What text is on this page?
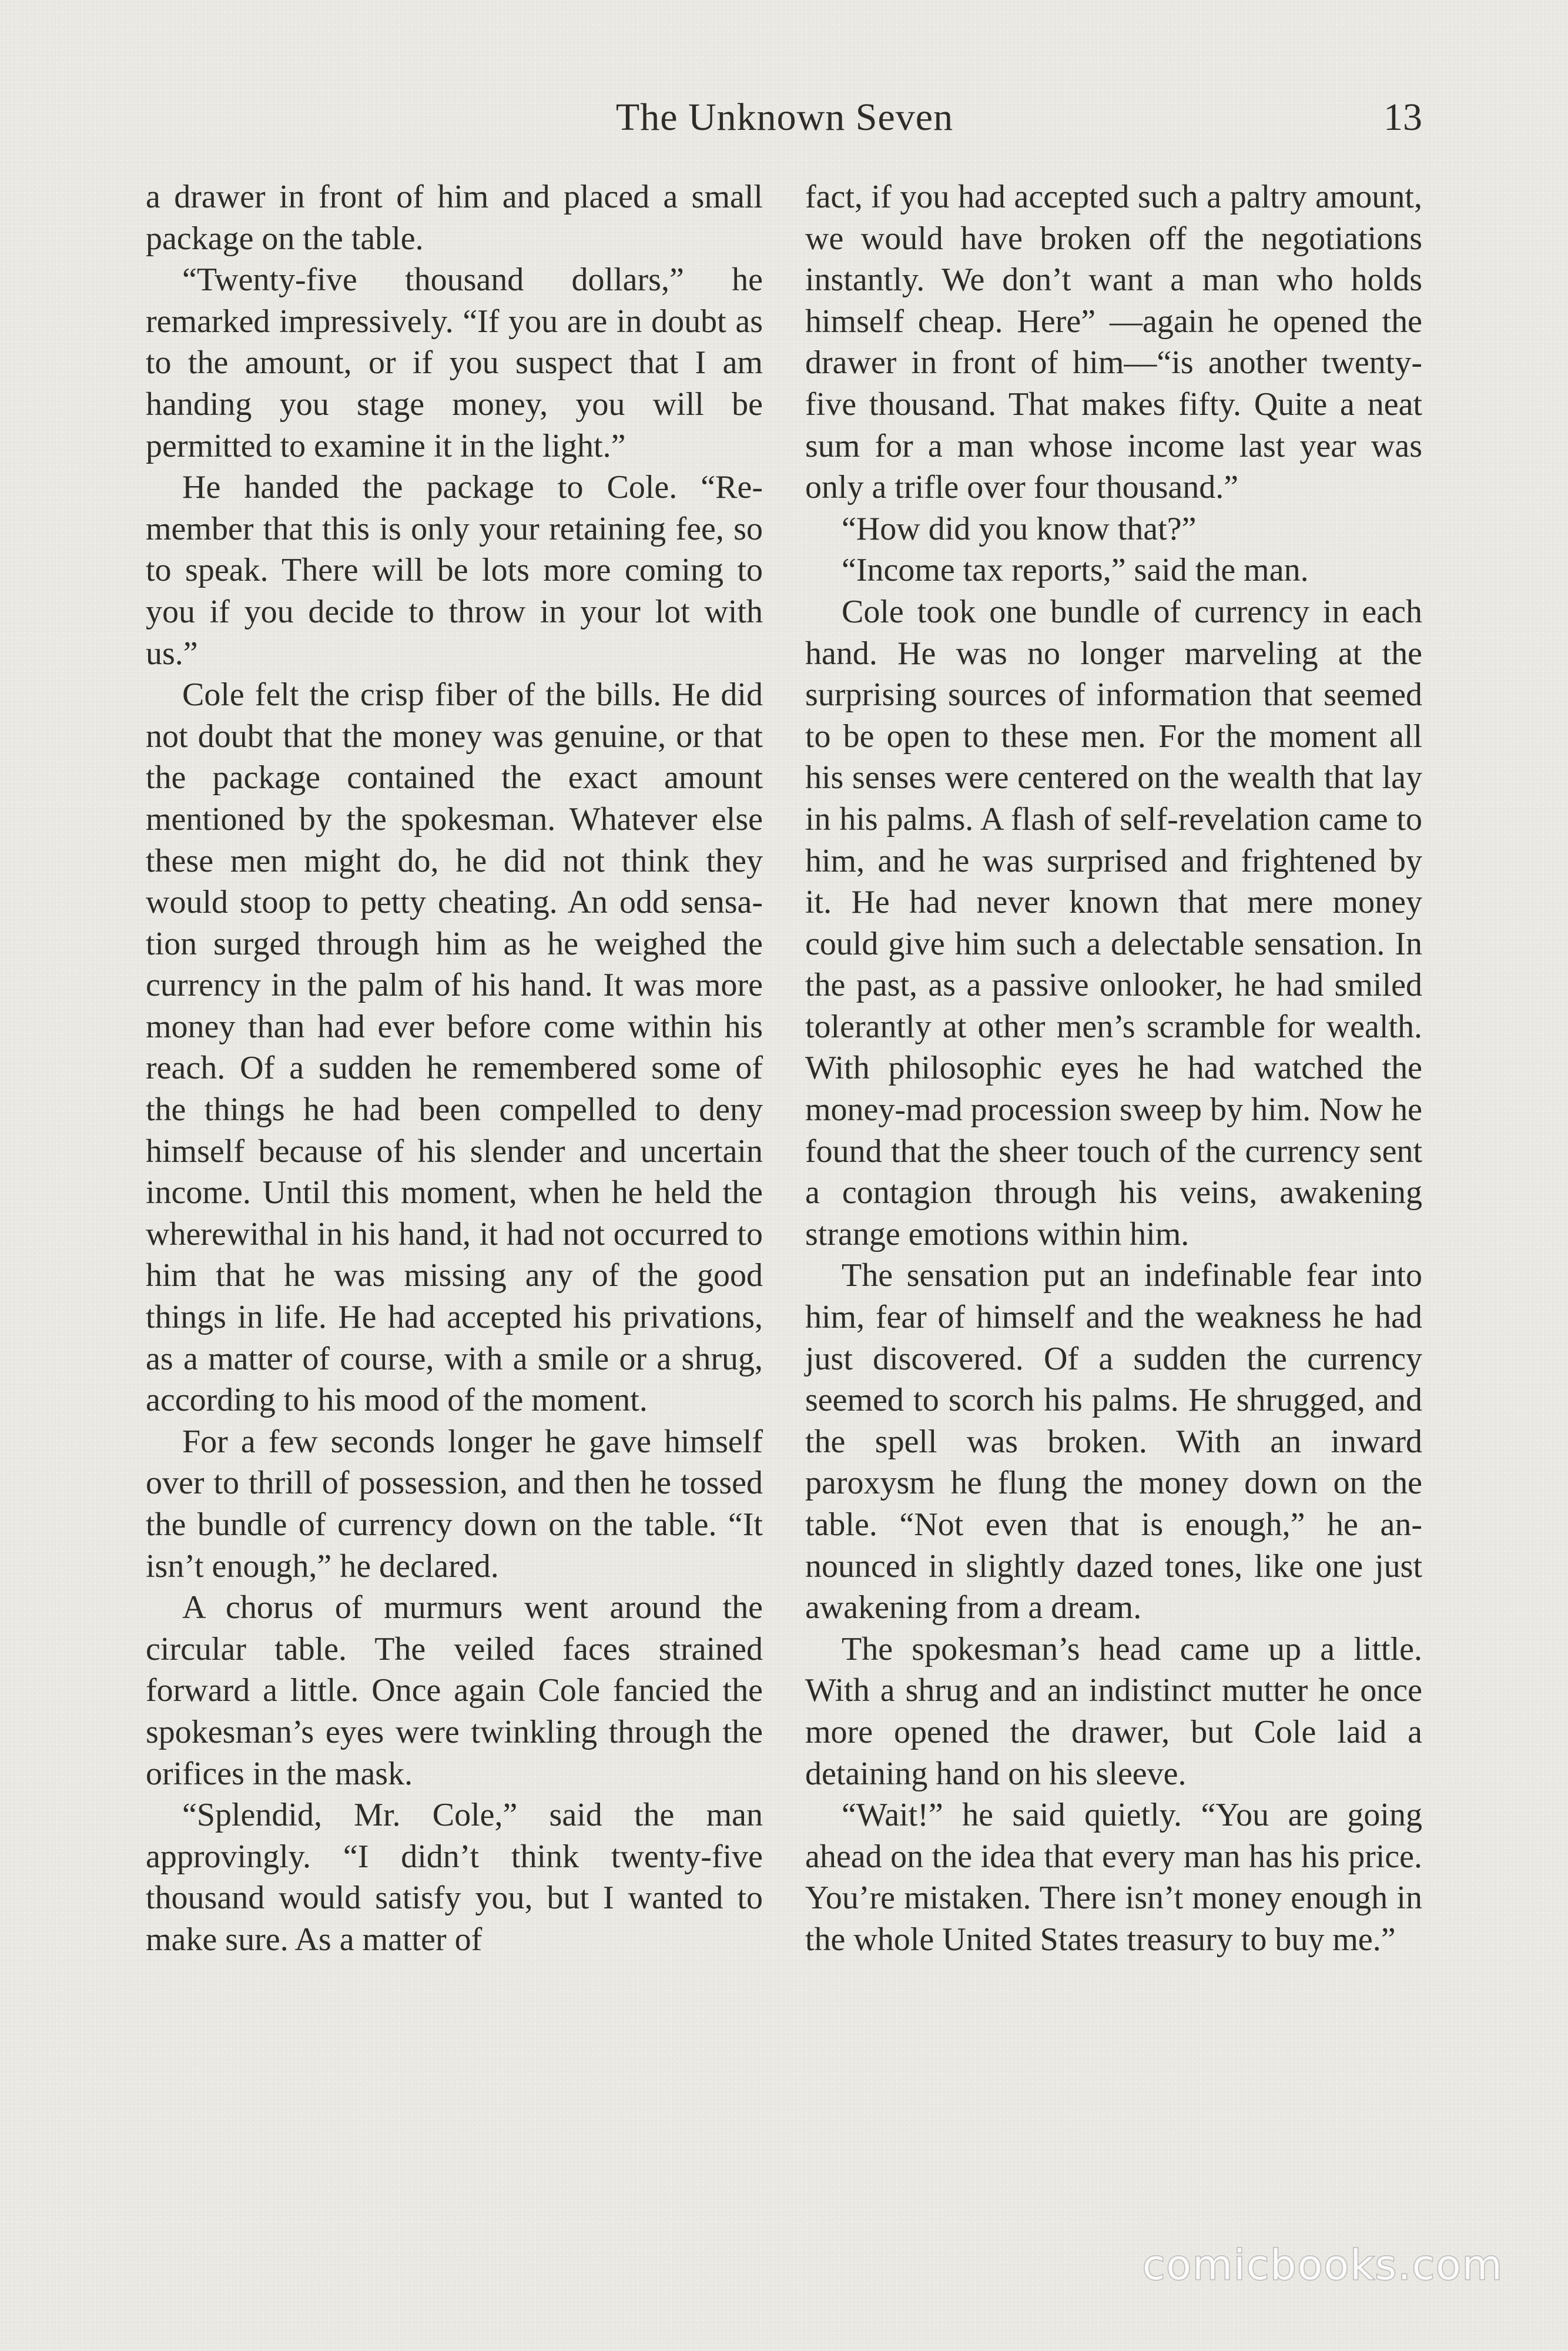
The Unknown Seven	13

a drawer in front of him and placed a small package on the table.

“Twenty-five thousand dollars,” he remarked impressively. “If you are in doubt as to the amount, or if you suspect that I am handing you stage money, you will be permitted to examine it in the light.”

He handed the package to Cole. “Remember that this is only your retaining fee, so to speak. There will be lots more coming to you if you decide to throw in your lot with us.”

Cole felt the crisp fiber of the bills. He did not doubt that the money was genuine, or that the package contained the exact amount mentioned by the spokesman. Whatever else these men might do, he did not think they would stoop to petty cheating. An odd sensation surged through him as he weighed the currency in the palm of his hand. It was more money than had ever before come within his reach. Of a sudden he remembered some of the things he had been compelled to deny himself because of his slender and uncertain income. Until this moment, when he held the wherewithal in his hand, it had not occurred to him that he was missing any of the good things in life. He had accepted his privations, as a matter of course, with a smile or a shrug, according to his mood of the moment.

For a few seconds longer he gave himself over to thrill of possession, and then he tossed the bundle of currency down on the table. “It isn’t enough,” he declared.

A chorus of murmurs went around the circular table. The veiled faces strained forward a little. Once again Cole fancied the spokesman’s eyes were twinkling through the orifices in the mask.

“Splendid, Mr. Cole,” said the man approvingly. “I didn’t think twenty-five thousand would satisfy you, but I wanted to make sure. As a matter of

fact, if you had accepted such a paltry amount, we would have broken off the negotiations instantly. We don’t want a man who holds himself cheap. Here” —again he opened the drawer in front of him—“is another twenty-five thousand. That makes fifty. Quite a neat sum for a man whose income last year was only a trifle over four thousand.”

“How did you know that?”

“Income tax reports,” said the man.

Cole took one bundle of currency in each hand. He was no longer marveling at the surprising sources of information that seemed to be open to these men. For the moment all his senses were centered on the wealth that lay in his palms. A flash of self-revelation came to him, and he was surprised and frightened by it. He had never known that mere money could give him such a delectable sensation. In the past, as a passive onlooker, he had smiled tolerantly at other men’s scramble for wealth. With philosophic eyes he had watched the money-mad procession sweep by him. Now he found that the sheer touch of the currency sent a contagion through his veins, awakening strange emotions within him.

The sensation put an indefinable fear into him, fear of himself and the weakness he had just discovered. Of a sudden the currency seemed to scorch his palms. He shrugged, and the spell was broken. With an inward paroxysm he flung the money down on the table. “Not even that is enough,” he announced in slightly dazed tones, like one just awakening from a dream.

The spokesman’s head came up a little. With a shrug and an indistinct mutter he once more opened the drawer, but Cole laid a detaining hand on his sleeve.

“Wait!” he said quietly. “You are going ahead on the idea that every man has his price. You’re mistaken. There isn’t money enough in the whole United States treasury to buy me.”

comicbooks.com
